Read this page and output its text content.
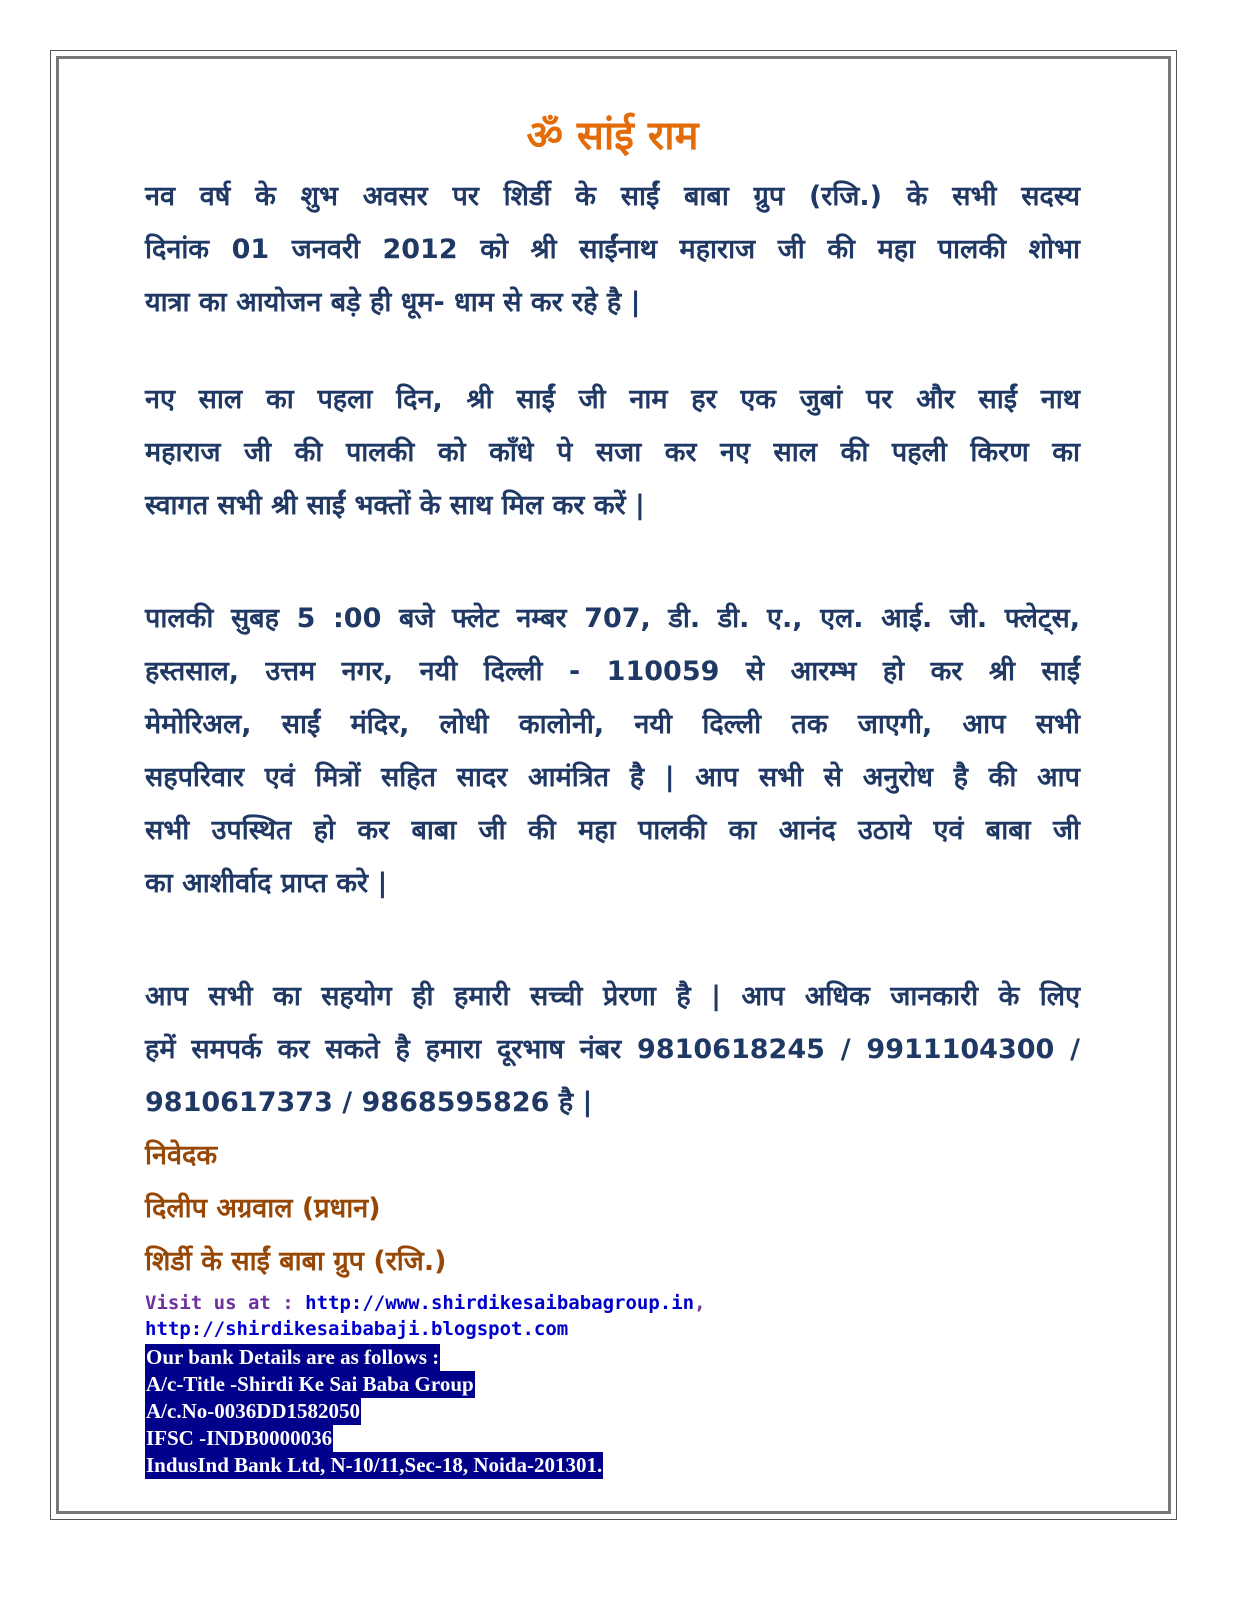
ॐ सांई राम

नव वर्ष के शुभ अवसर पर शिर्डी के साईं बाबा ग्रुप (रजि.) के सभी सदस्य
दिनांक 01 जनवरी 2012 को श्री साईंनाथ महाराज जी की महा पालकी शोभा
यात्रा का आयोजन बड़े ही धूम- धाम से कर रहे है |

नए साल का पहला दिन, श्री साईं जी नाम हर एक जुबां पर और साईं नाथ
महाराज जी की पालकी को काँधे पे सजा कर नए साल की पहली किरण का
स्वागत सभी श्री साईं भक्तों के साथ मिल कर करें |

पालकी सुबह 5 :00 बजे फ्लेट नम्बर 707, डी. डी. ए., एल. आई. जी. फ्लेट्स,
हस्तसाल, उत्तम नगर, नयी दिल्ली - 110059 से आरम्भ हो कर श्री साईं
मेमोरिअल, साईं मंदिर, लोधी कालोनी, नयी दिल्ली तक जाएगी, आप सभी
सहपरिवार एवं मित्रों सहित सादर आमंत्रित है | आप सभी से अनुरोध है की आप
सभी उपस्थित हो कर बाबा जी की महा पालकी का आनंद उठाये एवं बाबा जी
का आशीर्वाद प्राप्त करे |

आप सभी का सहयोग ही हमारी सच्ची प्रेरणा है | आप अधिक जानकारी के लिए
हमें समपर्क कर सकते है हमारा दूरभाष नंबर 9810618245 / 9911104300 /
9810617373 / 9868595826 है |

निवेदक

दिलीप अग्रवाल (प्रधान)

शिर्डी के साईं बाबा ग्रुप (रजि.)

Visit us at : http://www.shirdikesaibabagroup.in,
http://shirdikesaibabaji.blogspot.com
Our bank Details are as follows :
A/c-Title -Shirdi Ke Sai Baba Group
A/c.No-0036DD1582050
IFSC -INDB0000036
IndusInd Bank Ltd, N-10/11,Sec-18, Noida-201301.
